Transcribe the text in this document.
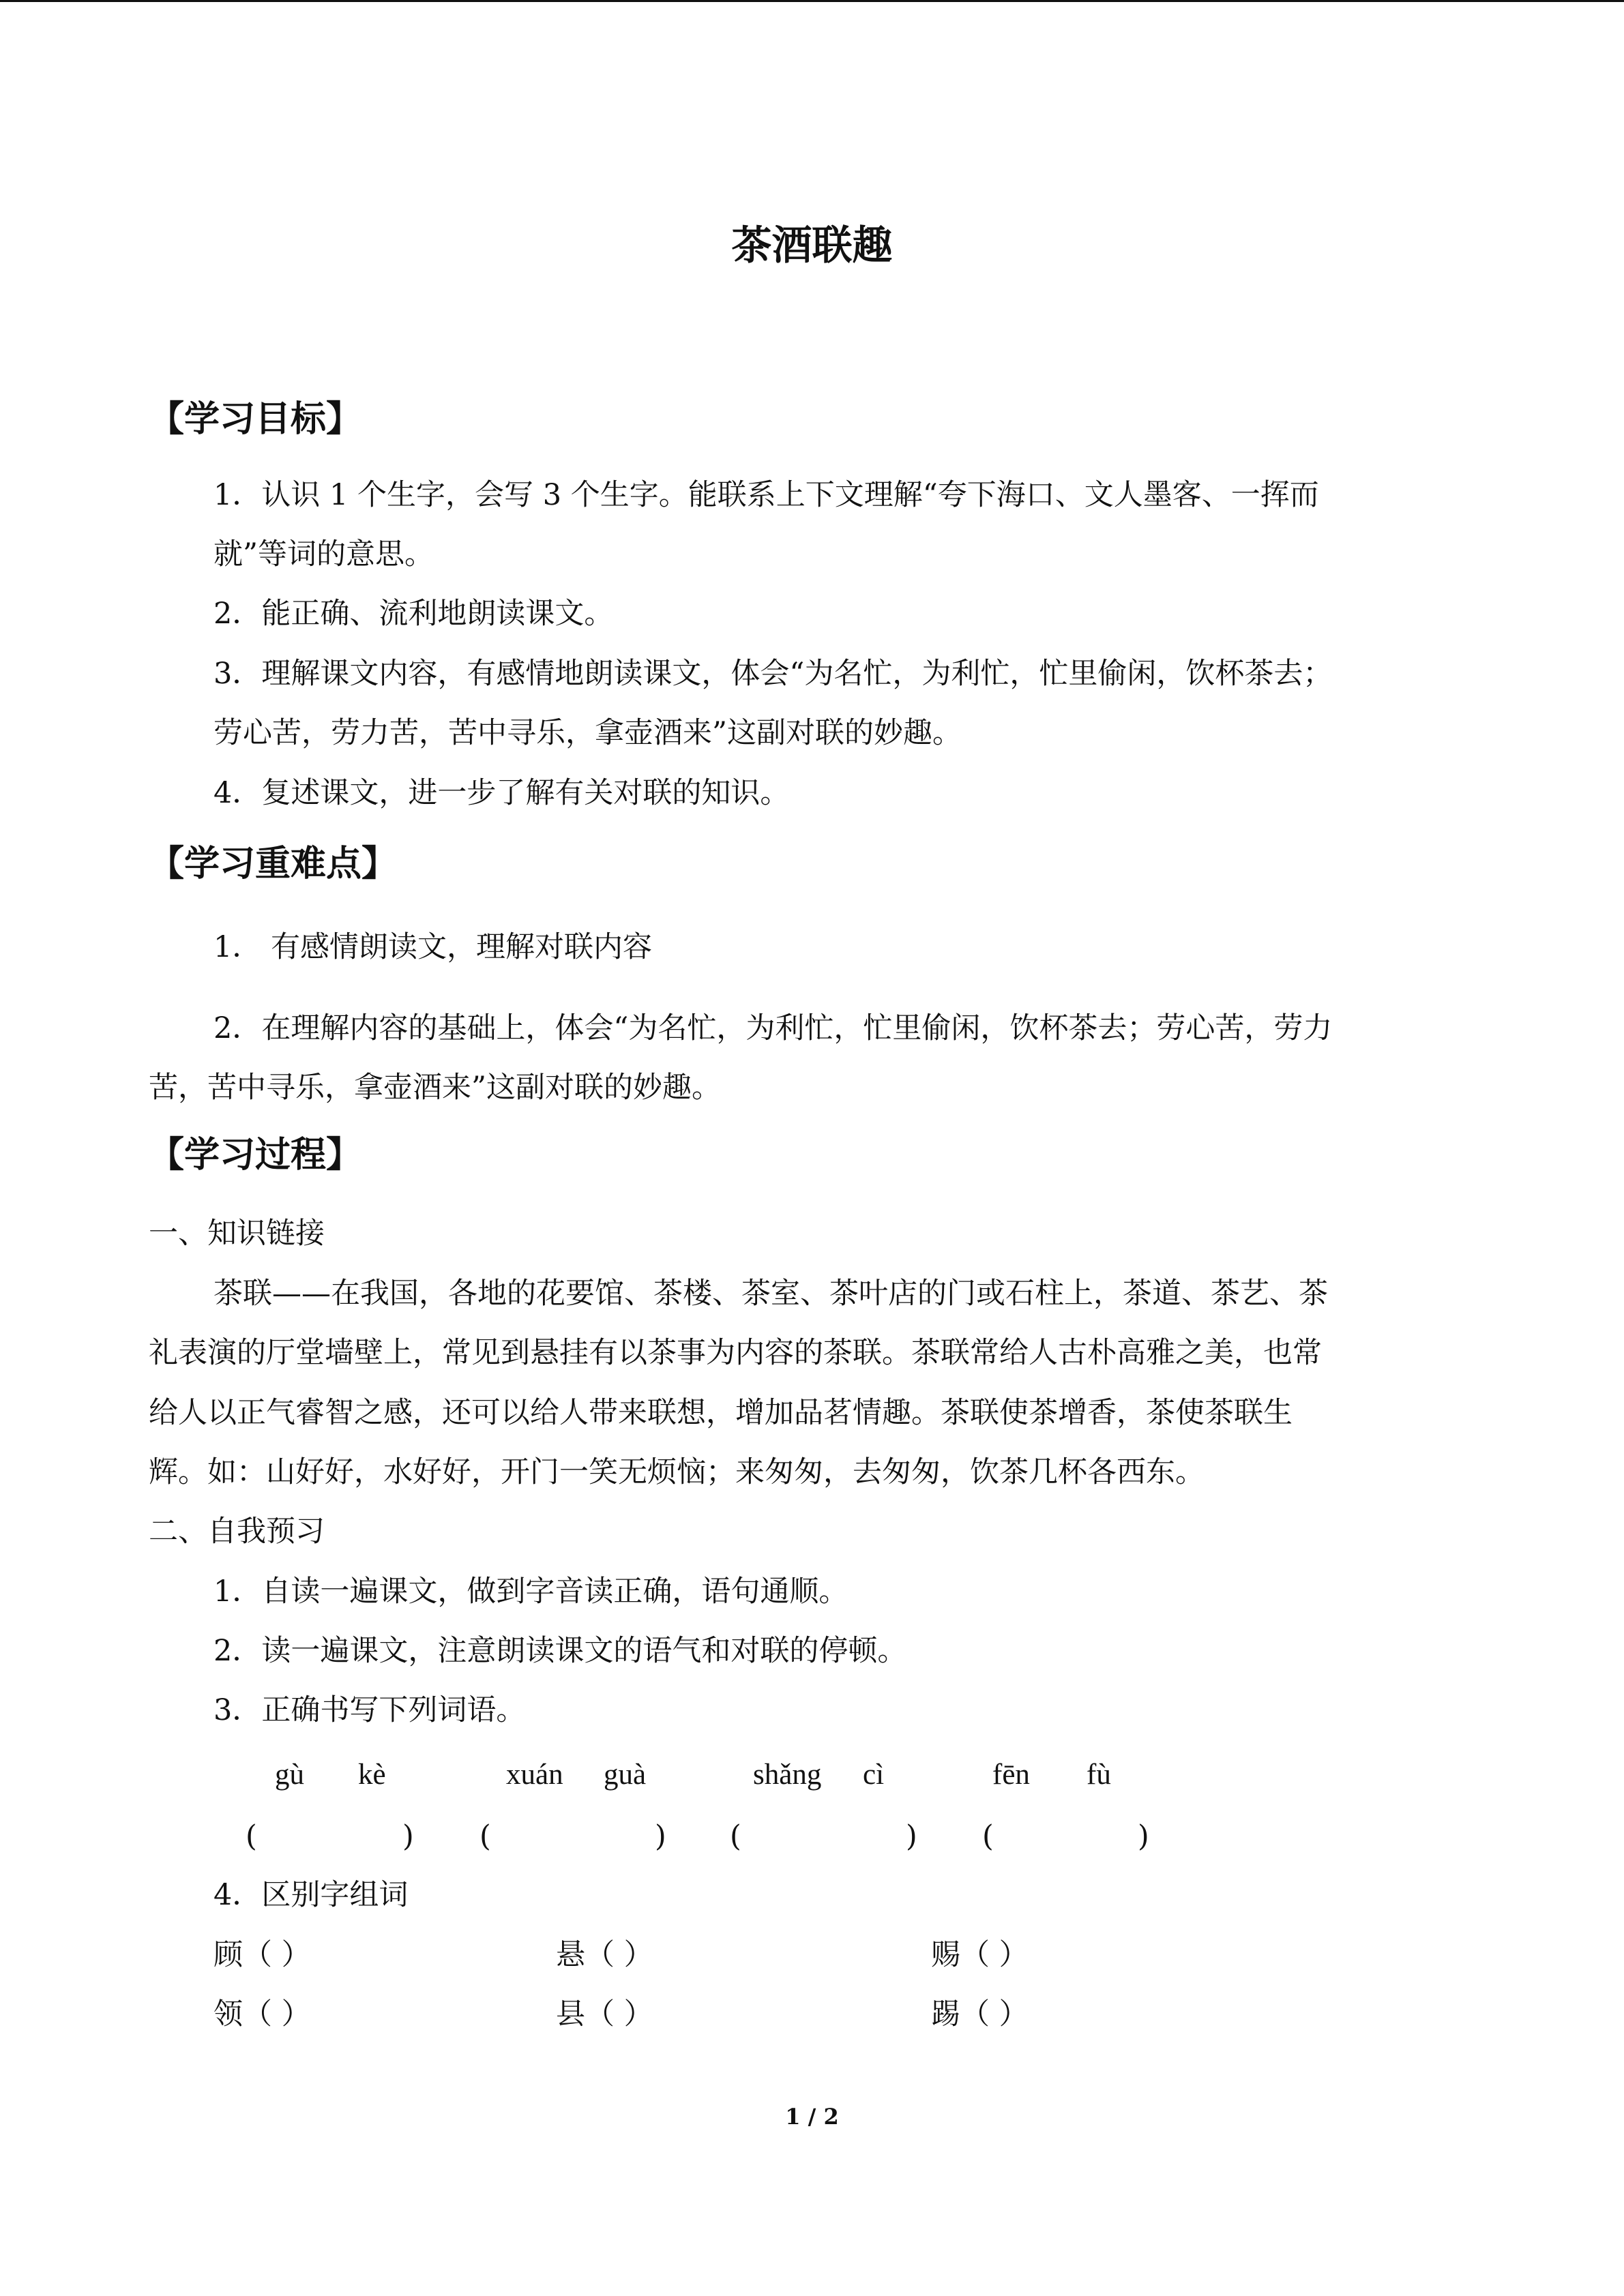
茶酒联趣
【学习目标】
1．认识 1 个生字，会写 3 个生字。能联系上下文理解“夸下海口、文人墨客、一挥而
就”等词的意思。
2．能正确、流利地朗读课文。
3．理解课文内容，有感情地朗读课文，体会“为名忙，为利忙，忙里偷闲，饮杯茶去；
劳心苦，劳力苦，苦中寻乐，拿壶酒来”这副对联的妙趣。
4．复述课文，进一步了解有关对联的知识。
【学习重难点】
1． 有感情朗读文，理解对联内容
2．在理解内容的基础上，体会“为名忙，为利忙，忙里偷闲，饮杯茶去；劳心苦，劳力
苦，苦中寻乐，拿壶酒来”这副对联的妙趣。
【学习过程】
一、知识链接
茶联——在我国，各地的花要馆、茶楼、茶室、茶叶店的门或石柱上，茶道、茶艺、茶
礼表演的厅堂墙壁上，常见到悬挂有以茶事为内容的茶联。茶联常给人古朴高雅之美，也常
给人以正气睿智之感，还可以给人带来联想，增加品茗情趣。茶联使茶增香，茶使茶联生
辉。如：山好好，水好好，开门一笑无烦恼；来匆匆，去匆匆，饮茶几杯各西东。
二、自我预习
1．自读一遍课文，做到字音读正确，语句通顺。
2．读一遍课文，注意朗读课文的语气和对联的停顿。
3．正确书写下列词语。
gù kè	xuán guà	shǎng cì	fēn fù
(	) (	) (	) (	)
4．区别字组词
顾（ ）	悬（ ）	赐（ ）
领（ ）	县（ ）	踢（ ）
1 / 2
